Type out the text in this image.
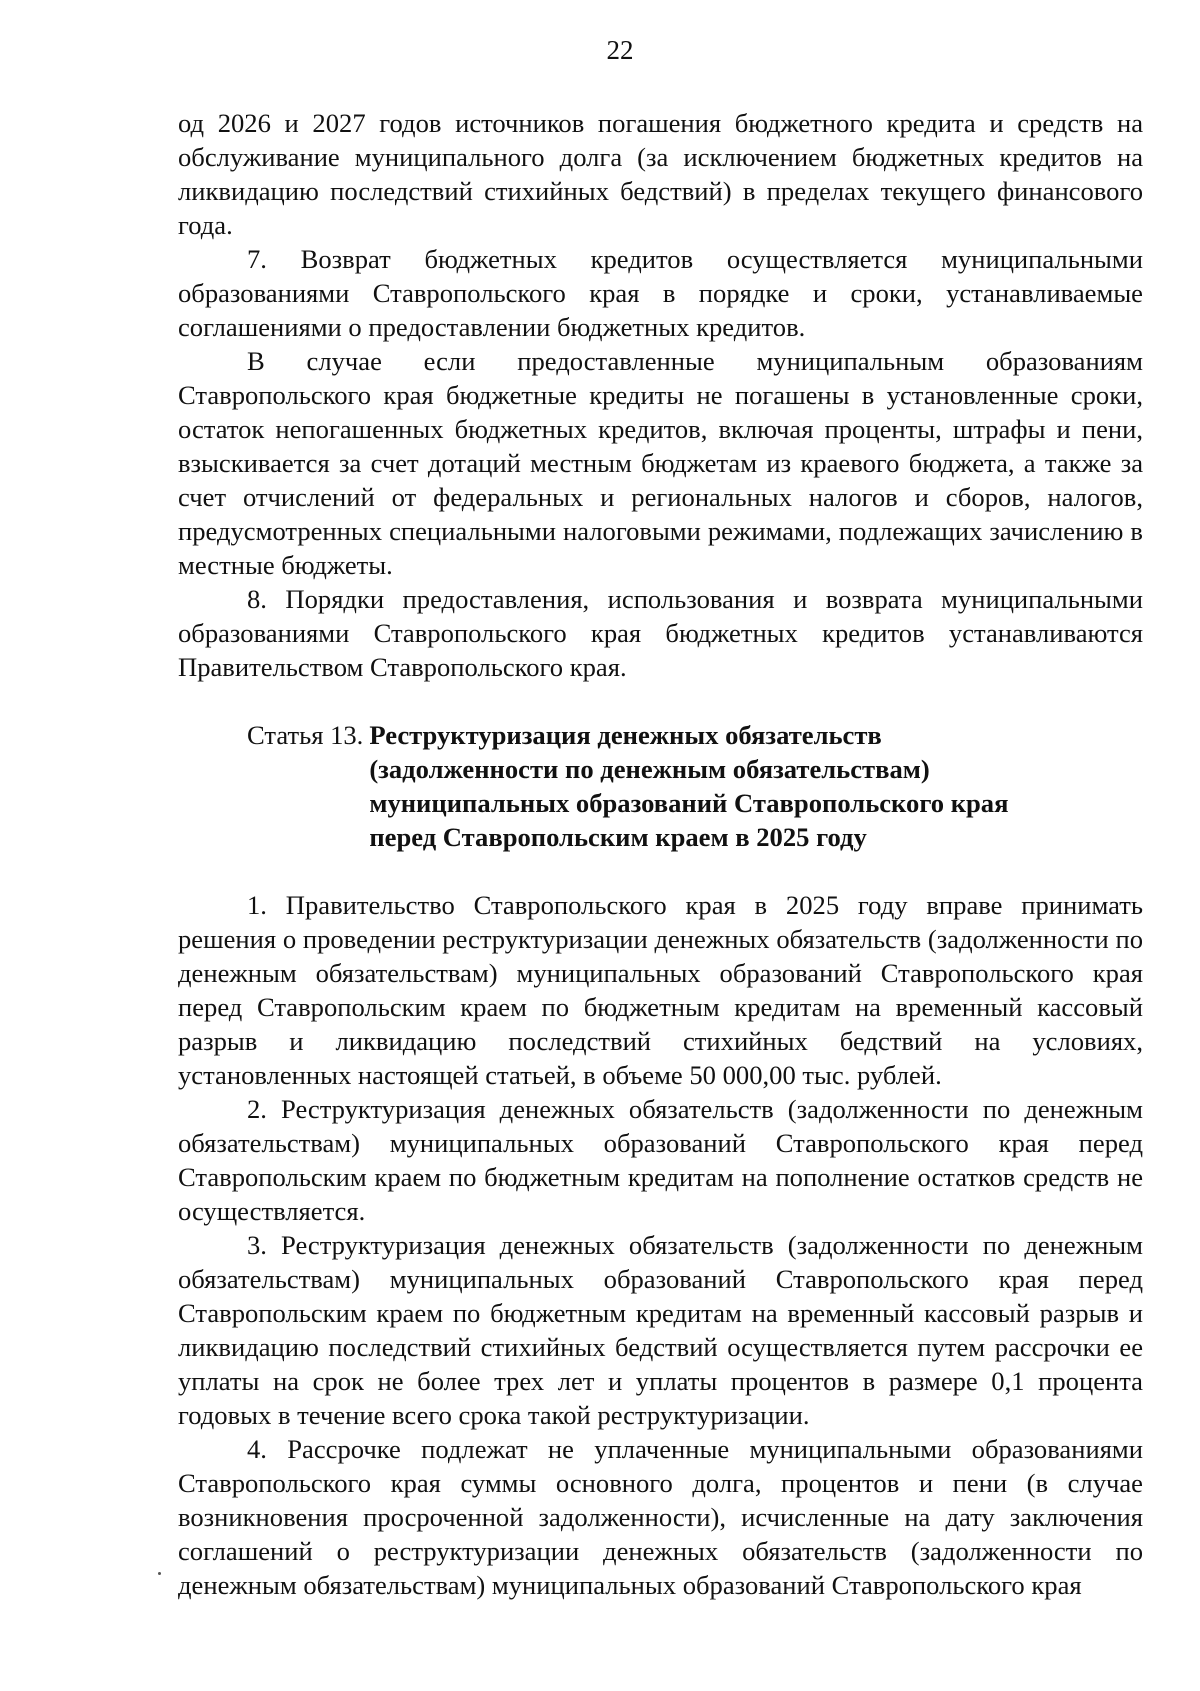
22

од 2026 и 2027 годов источников погашения бюджетного кредита и средств на обслуживание муниципального долга (за исключением бюджетных кредитов на ликвидацию последствий стихийных бедствий) в пределах текущего финансового года.

7. Возврат бюджетных кредитов осуществляется муниципальными образованиями Ставропольского края в порядке и сроки, устанавливаемые соглашениями о предоставлении бюджетных кредитов.

В случае если предоставленные муниципальным образованиям Ставропольского края бюджетные кредиты не погашены в установленные сроки, остаток непогашенных бюджетных кредитов, включая проценты, штрафы и пени, взыскивается за счет дотаций местным бюджетам из краевого бюджета, а также за счет отчислений от федеральных и региональных налогов и сборов, налогов, предусмотренных специальными налоговыми режимами, подлежащих зачислению в местные бюджеты.

8. Порядки предоставления, использования и возврата муниципальными образованиями Ставропольского края бюджетных кредитов устанавливаются Правительством Ставропольского края.

Статья 13. Реструктуризация денежных обязательств
(задолженности по денежным обязательствам)
муниципальных образований Ставропольского края
перед Ставропольским краем в 2025 году

1. Правительство Ставропольского края в 2025 году вправе принимать решения о проведении реструктуризации денежных обязательств (задолженности по денежным обязательствам) муниципальных образований Ставропольского края перед Ставропольским краем по бюджетным кредитам на временный кассовый разрыв и ликвидацию последствий стихийных бедствий на условиях, установленных настоящей статьей, в объеме 50 000,00 тыс. рублей.

2. Реструктуризация денежных обязательств (задолженности по денежным обязательствам) муниципальных образований Ставропольского края перед Ставропольским краем по бюджетным кредитам на пополнение остатков средств не осуществляется.

3. Реструктуризация денежных обязательств (задолженности по денежным обязательствам) муниципальных образований Ставропольского края перед Ставропольским краем по бюджетным кредитам на временный кассовый разрыв и ликвидацию последствий стихийных бедствий осуществляется путем рассрочки ее уплаты на срок не более трех лет и уплаты процентов в размере 0,1 процента годовых в течение всего срока такой реструктуризации.

4. Рассрочке подлежат не уплаченные муниципальными образованиями Ставропольского края суммы основного долга, процентов и пени (в случае возникновения просроченной задолженности), исчисленные на дату заключения соглашений о реструктуризации денежных обязательств (задолженности по денежным обязательствам) муниципальных образований Ставропольского края
